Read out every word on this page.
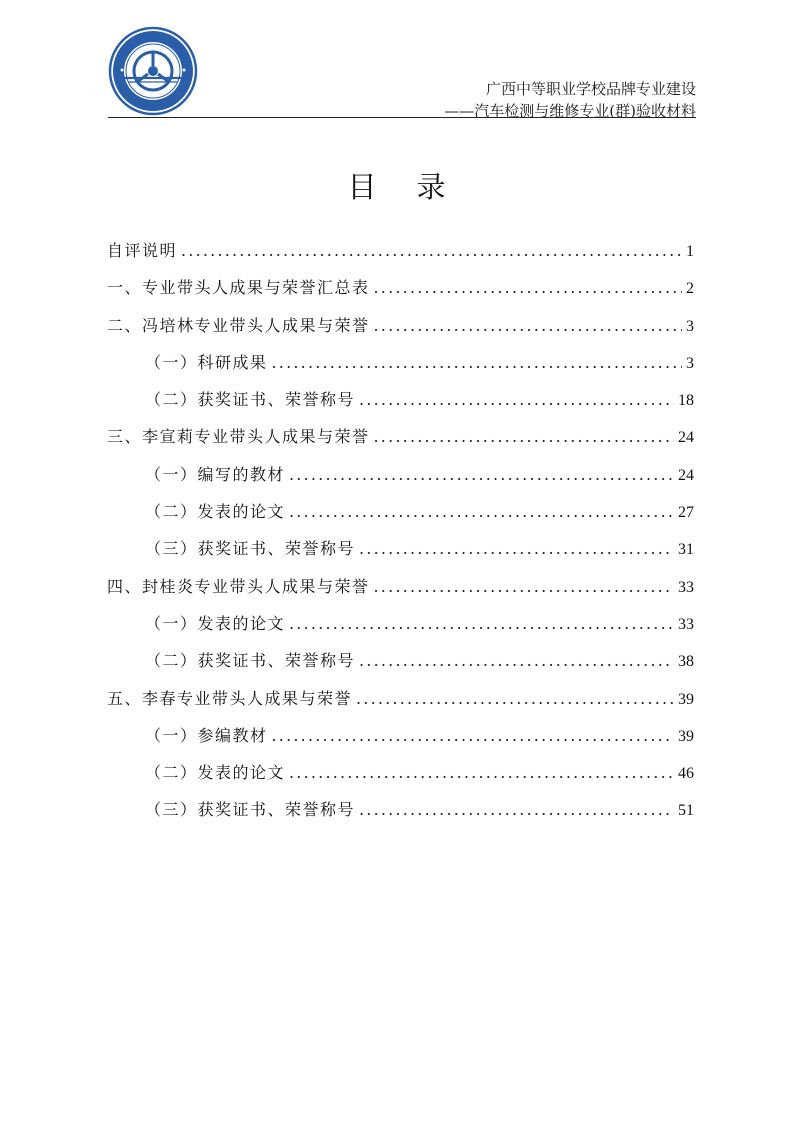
广西中等职业学校品牌专业建设
——汽车检测与维修专业(群)验收材料
目录
自评说明 .....	1
一、专业带头人成果与荣誉汇总表 .....	2
二、冯培林专业带头人成果与荣誉 .....	3
（一）科研成果 .....	3
（二）获奖证书、荣誉称号 .....	18
三、李宣莉专业带头人成果与荣誉 .....	24
（一）编写的教材 .....	24
（二）发表的论文 .....	27
（三）获奖证书、荣誉称号 .....	31
四、封桂炎专业带头人成果与荣誉 .....	33
（一）发表的论文 .....	33
（二）获奖证书、荣誉称号 .....	38
五、李春专业带头人成果与荣誉 .....	39
（一）参编教材 .....	39
（二）发表的论文 .....	46
（三）获奖证书、荣誉称号 .....	51
